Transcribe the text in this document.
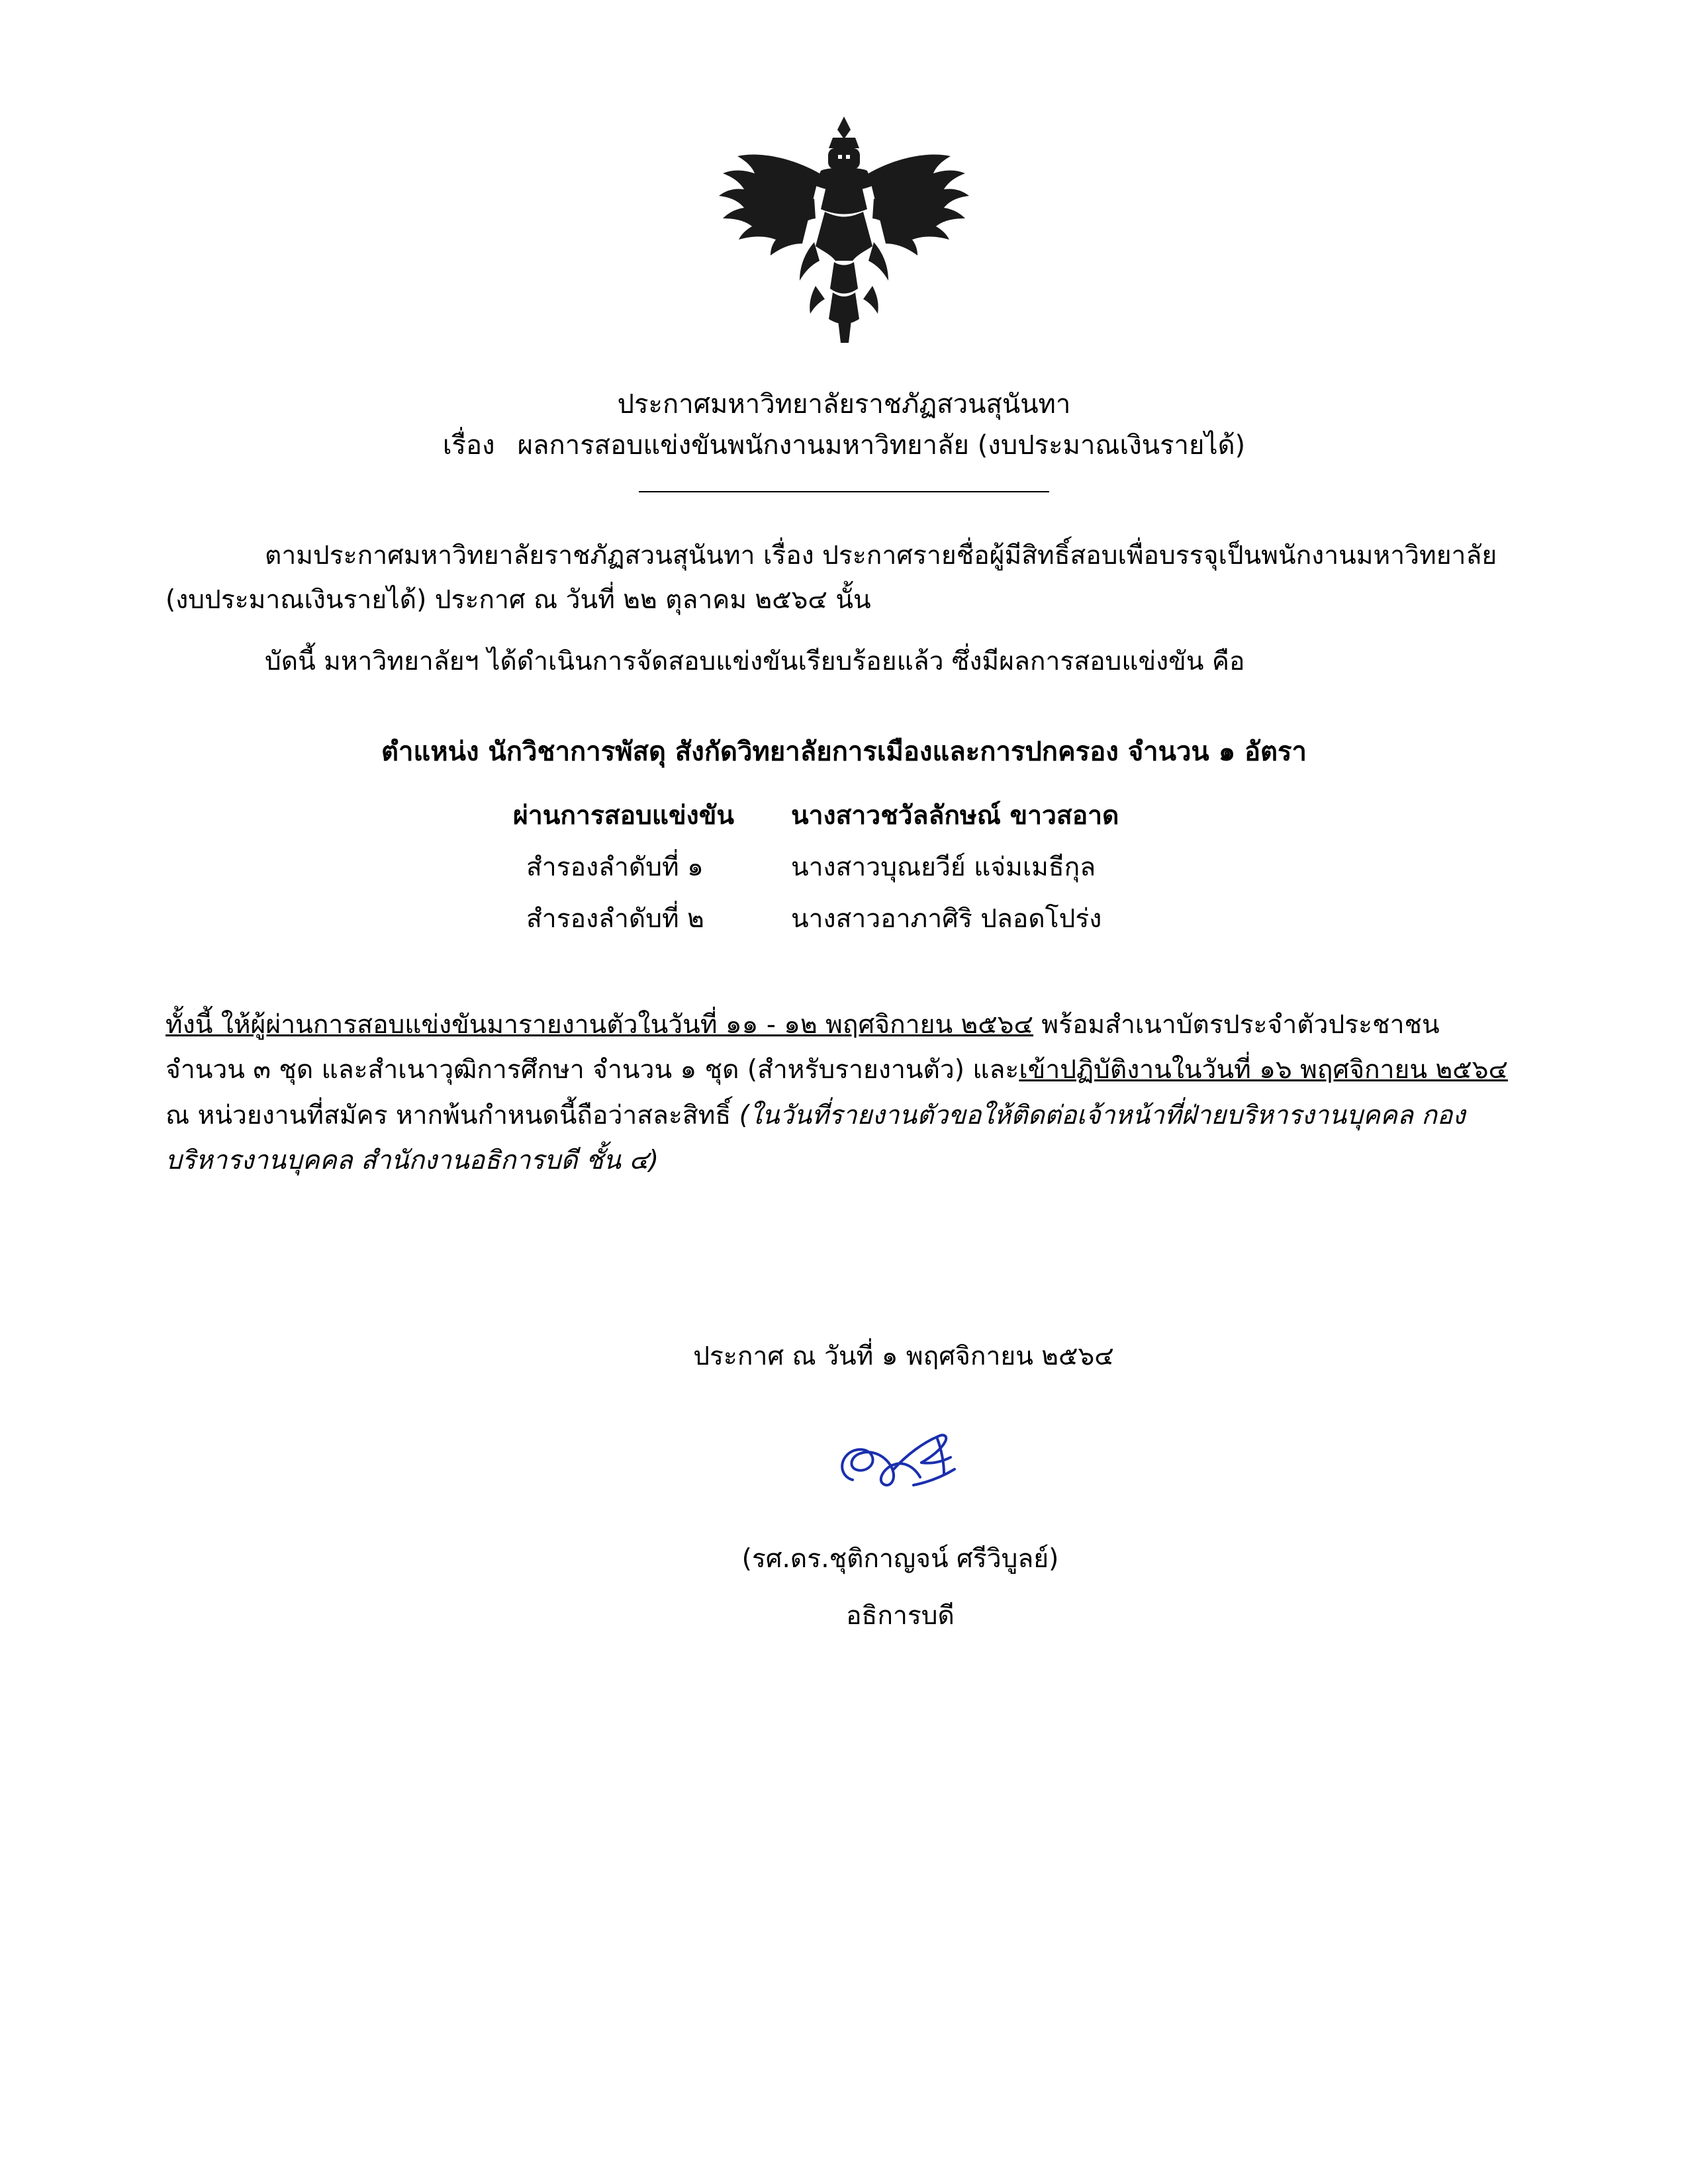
ประกาศมหาวิทยาลัยราชภัฏสวนสุนันทา
เรื่อง ผลการสอบแข่งขันพนักงานมหาวิทยาลัย (งบประมาณเงินรายได้)

ตามประกาศมหาวิทยาลัยราชภัฏสวนสุนันทา เรื่อง ประกาศรายชื่อผู้มีสิทธิ์สอบเพื่อบรรจุเป็นพนักงานมหาวิทยาลัย (งบประมาณเงินรายได้) ประกาศ ณ วันที่ ๒๒ ตุลาคม ๒๕๖๔ นั้น

บัดนี้ มหาวิทยาลัยฯ ได้ดำเนินการจัดสอบแข่งขันเรียบร้อยแล้ว ซึ่งมีผลการสอบแข่งขัน คือ

ตำแหน่ง นักวิชาการพัสดุ สังกัดวิทยาลัยการเมืองและการปกครอง จำนวน ๑ อัตรา
ผ่านการสอบแข่งขัน	นางสาวชวัลลักษณ์ ขาวสอาด
สำรองลำดับที่ ๑	นางสาวบุณยวีย์ แจ่มเมธีกุล
สำรองลำดับที่ ๒	นางสาวอาภาศิริ ปลอดโปร่ง
ทั้งนี้ ให้ผู้ผ่านการสอบแข่งขันมารายงานตัวในวันที่ ๑๑ - ๑๒ พฤศจิกายน ๒๕๖๔ พร้อมสำเนาบัตรประจำตัวประชาชน จำนวน ๓ ชุด และสำเนาวุฒิการศึกษา จำนวน ๑ ชุด (สำหรับรายงานตัว) และเข้าปฏิบัติงานในวันที่ ๑๖ พฤศจิกายน ๒๕๖๔ ณ หน่วยงานที่สมัคร หากพ้นกำหนดนี้ถือว่าสละสิทธิ์ (ในวันที่รายงานตัวขอให้ติดต่อเจ้าหน้าที่ฝ่ายบริหารงานบุคคล กองบริหารงานบุคคล สำนักงานอธิการบดี ชั้น ๔)
ประกาศ ณ วันที่ ๑ พฤศจิกายน ๒๕๖๔
(รศ.ดร.ชุติกาญจน์ ศรีวิบูลย์)
อธิการบดี
